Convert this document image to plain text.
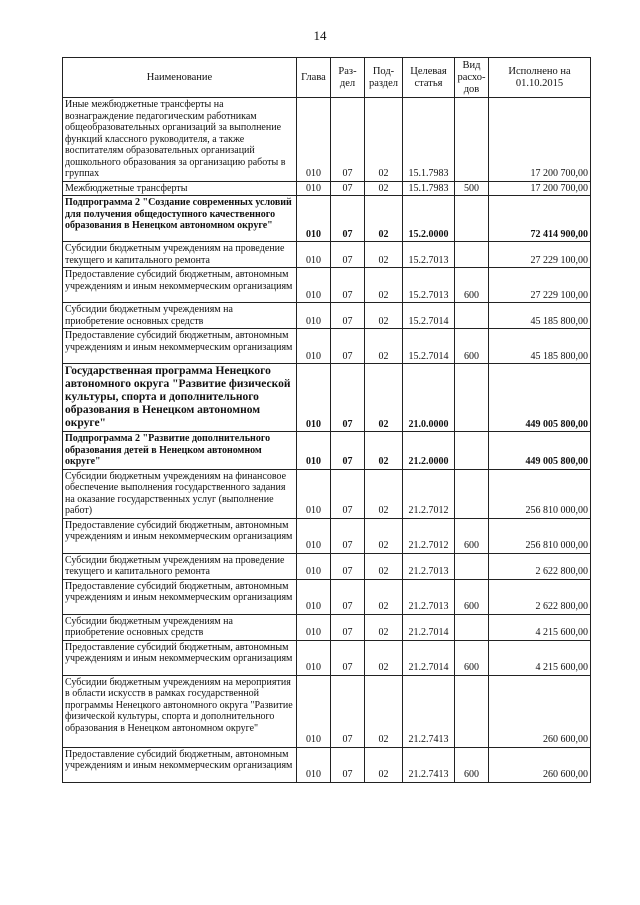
14
Наименование	Глава	Раз-дел	Под-раздел	Целевая статья	Вид расхо-дов	Исполнено на 01.10.2015
Иные межбюджетные трансферты на вознаграждение педагогическим работникам общеобразовательных организаций за выполнение функций классного руководителя, а также воспитателям образовательных организаций дошкольного образования за организацию работы в группах	010	07	02	15.1.7983		17 200 700,00
Межбюджетные трансферты	010	07	02	15.1.7983	500	17 200 700,00
Подпрограмма 2 "Создание современных условий для получения общедоступного качественного образования в Ненецком автономном округе"	010	07	02	15.2.0000		72 414 900,00
Субсидии бюджетным учреждениям на проведение текущего и капитального ремонта	010	07	02	15.2.7013		27 229 100,00
Предоставление субсидий бюджетным, автономным учреждениям и иным некоммерческим организациям	010	07	02	15.2.7013	600	27 229 100,00
Субсидии бюджетным учреждениям на приобретение основных средств	010	07	02	15.2.7014		45 185 800,00
Предоставление субсидий бюджетным, автономным учреждениям и иным некоммерческим организациям	010	07	02	15.2.7014	600	45 185 800,00
Государственная программа Ненецкого автономного округа "Развитие физической культуры, спорта и дополнительного образования в Ненецком автономном округе"	010	07	02	21.0.0000		449 005 800,00
Подпрограмма 2 "Развитие дополнительного образования детей в Ненецком автономном округе"	010	07	02	21.2.0000		449 005 800,00
Субсидии бюджетным учреждениям на финансовое обеспечение выполнения государственного задания на оказание государственных услуг (выполнение работ)	010	07	02	21.2.7012		256 810 000,00
Предоставление субсидий бюджетным, автономным учреждениям и иным некоммерческим организациям	010	07	02	21.2.7012	600	256 810 000,00
Субсидии бюджетным учреждениям на проведение текущего и капитального ремонта	010	07	02	21.2.7013		2 622 800,00
Предоставление субсидий бюджетным, автономным учреждениям и иным некоммерческим организациям	010	07	02	21.2.7013	600	2 622 800,00
Субсидии бюджетным учреждениям на приобретение основных средств	010	07	02	21.2.7014		4 215 600,00
Предоставление субсидий бюджетным, автономным учреждениям и иным некоммерческим организациям	010	07	02	21.2.7014	600	4 215 600,00
Субсидии бюджетным учреждениям на мероприятия в области искусств в рамках государственной программы Ненецкого автономного округа "Развитие физической культуры, спорта и дополнительного образования в Ненецком автономном округе"	010	07	02	21.2.7413		260 600,00
Предоставление субсидий бюджетным, автономным учреждениям и иным некоммерческим организациям	010	07	02	21.2.7413	600	260 600,00
